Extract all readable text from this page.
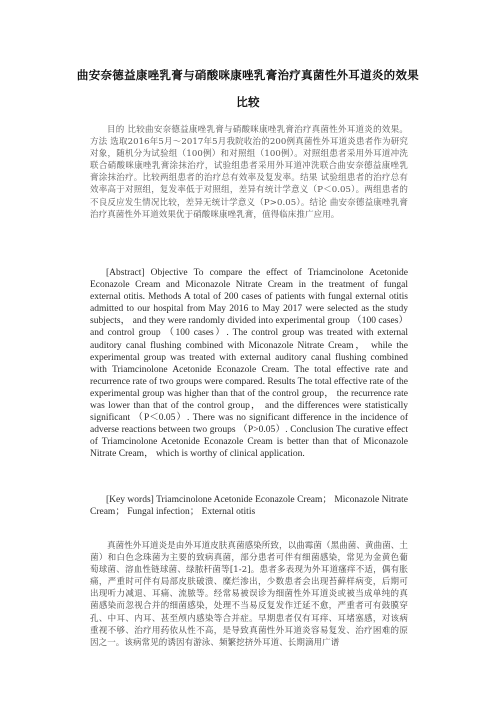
曲安奈德益康唑乳膏与硝酸咪康唑乳膏治疗真菌性外耳道炎的效果
比较

目的 比较曲安奈德益康唑乳膏与硝酸咪康唑乳膏治疗真菌性外耳道炎的效果。方法 选取2016年5月～2017年5月我院收治的200例真菌性外耳道炎患者作为研究对象，随机分为试验组（100例）和对照组（100例）。对照组患者采用外耳道冲洗联合硝酸咪康唑乳膏涂抹治疗，试验组患者采用外耳道冲洗联合曲安奈德益康唑乳膏涂抹治疗。比较两组患者的治疗总有效率及复发率。结果 试验组患者的治疗总有效率高于对照组，复发率低于对照组，差异有统计学意义（P＜0.05）。两组患者的不良反应发生情况比较，差异无统计学意义（P>0.05）。结论 曲安奈德益康唑乳膏治疗真菌性外耳道效果优于硝酸咪康唑乳膏，值得临床推广应用。

[Abstract] Objective To compare the effect of Triamcinolone Acetonide Econazole Cream and Miconazole Nitrate Cream in the treatment of fungal external otitis. Methods A total of 200 cases of patients with fungal external otitis admitted to our hospital from May 2016 to May 2017 were selected as the study subjects， and they were randomly divided into experimental group （100 cases） and control group （100 cases）. The control group was treated with external auditory canal flushing combined with Miconazole Nitrate Cream， while the experimental group was treated with external auditory canal flushing combined with Triamcinolone Acetonide Econazole Cream. The total effective rate and recurrence rate of two groups were compared. Results The total effective rate of the experimental group was higher than that of the control group， the recurrence rate was lower than that of the control group， and the differences were statistically significant （P＜0.05）. There was no significant difference in the incidence of adverse reactions between two groups （P>0.05）. Conclusion The curative effect of Triamcinolone Acetonide Econazole Cream is better than that of Miconazole Nitrate Cream， which is worthy of clinical application.

[Key words] Triamcinolone Acetonide Econazole Cream； Miconazole Nitrate Cream； Fungal infection； External otitis

真菌性外耳道炎是由外耳道皮肤真菌感染所致，以曲霉菌（黑曲菌、黄曲菌、土菌）和白色念珠菌为主要的致病真菌，部分患者可伴有细菌感染，常见为金黄色葡萄球菌、溶血性链球菌、绿脓杆菌等[1-2]。患者多表现为外耳道瘙痒不适，偶有胀痛，严重时可伴有局部皮肤破溃、糜烂渗出，少数患者会出现苔藓样病变，后期可出现听力减退、耳痛、流脓等。经常易被误诊为细菌性外耳道炎或被当成单纯的真菌感染而忽视合并的细菌感染，处理不当易反复发作迁延不愈，严重者可有鼓膜穿孔、中耳、内耳、甚至颅内感染等合并症。早期患者仅有耳痒、耳堵塞感，对该病重视不够、治疗用药依从性不高，是导致真菌性外耳道炎容易复发、治疗困难的原因之一。该病常见的诱因有游泳、频繁挖挤外耳道、长期滴用广谱
